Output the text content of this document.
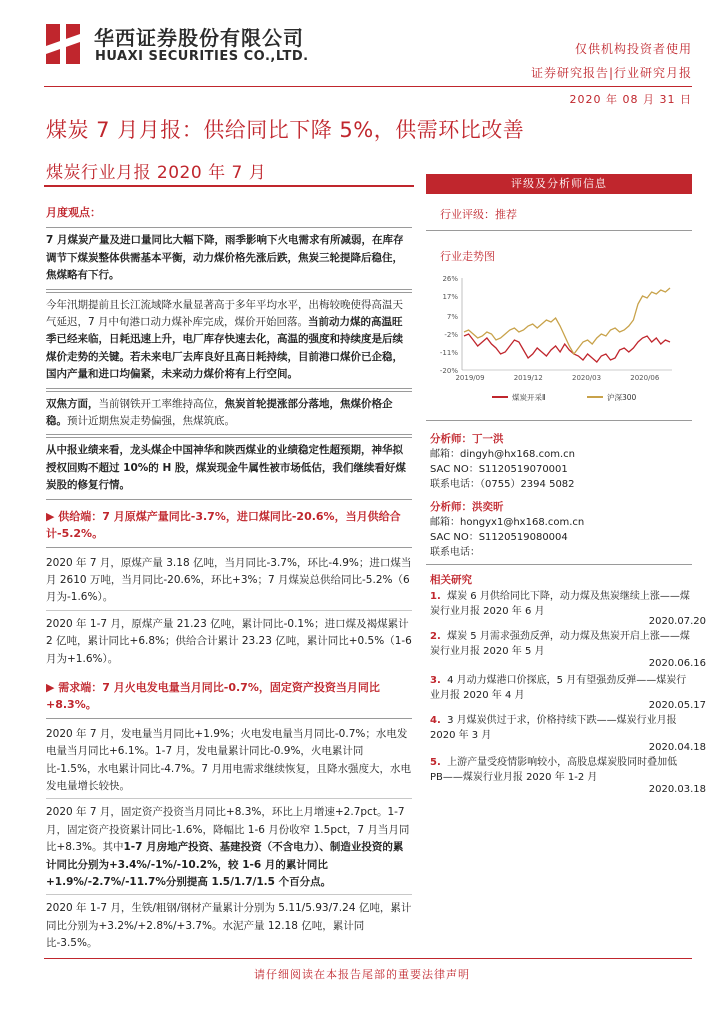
华西证券股份有限公司
HUAXI SECURITIES CO.,LTD.	仅供机构投资者使用
证券研究报告|行业研究月报
2020 年 08 月 31 日
煤炭 7 月月报：供给同比下降 5%，供需环比改善
煤炭行业月报 2020 年 7 月
月度观点：
7 月煤炭产量及进口量同比大幅下降，雨季影响下火电需求有所减弱，在库存调节下煤炭整体供需基本平衡，动力煤价格先涨后跌，焦炭三轮提降后稳住，焦煤略有下行。
今年汛期提前且长江流域降水量显著高于多年平均水平，出梅较晚使得高温天气延迟，7 月中旬港口动力煤补库完成，煤价开始回落。当前动力煤的高温旺季已经来临，日耗迅速上升，电厂库存快速去化，高温的强度和持续度是后续煤价走势的关键。若未来电厂去库良好且高日耗持续，目前港口煤价已企稳，国内产量和进口均偏紧，未来动力煤价将有上行空间。
双焦方面，当前钢铁开工率维持高位，焦炭首轮提涨部分落地，焦煤价格企稳。预计近期焦炭走势偏强，焦煤筑底。
从中报业绩来看，龙头煤企中国神华和陕西煤业的业绩稳定性超预期，神华拟授权回购不超过 10%的 H 股，煤炭现金牛属性被市场低估，我们继续看好煤炭股的修复行情。
▶ 供给端：7 月原煤产量同比-3.7%，进口煤同比-20.6%，当月供给合计-5.2%。
2020 年 7 月，原煤产量 3.18 亿吨，当月同比-3.7%，环比-4.9%；进口煤当月 2610 万吨，当月同比-20.6%，环比+3%；7 月煤炭总供给同比-5.2%（6 月为-1.6%）。
2020 年 1-7 月，原煤产量 21.23 亿吨，累计同比-0.1%；进口煤及褐煤累计 2 亿吨，累计同比+6.8%；供给合计累计 23.23 亿吨，累计同比+0.5%（1-6 月为+1.6%）。
▶ 需求端：7 月火电发电量当月同比-0.7%，固定资产投资当月同比+8.3%。
2020 年 7 月，发电量当月同比+1.9%；火电发电量当月同比-0.7%；水电发电量当月同比+6.1%。1-7 月，发电量累计同比-0.9%，火电累计同比-1.5%，水电累计同比-4.7%。7 月用电需求继续恢复，且降水强度大，水电发电量增长较快。
2020 年 7 月，固定资产投资当月同比+8.3%，环比上月增速+2.7pct。1-7 月，固定资产投资累计同比-1.6%，降幅比 1-6 月份收窄 1.5pct，7 月当月同比+8.3%。其中1-7 月房地产投资、基建投资（不含电力）、制造业投资的累计同比分别为+3.4%/-1%/-10.2%，较 1-6 月的累计同比+1.9%/-2.7%/-11.7%分别提高 1.5/1.7/1.5 个百分点。
2020 年 1-7 月，生铁/粗钢/钢材产量累计分别为 5.11/5.93/7.24 亿吨，累计同比分别为+3.2%/+2.8%/+3.7%。水泥产量 12.18 亿吨，累计同比-3.5%。
评级及分析师信息
行业评级：推荐
行业走势图
26%
17%
7%
-2%
-11%
-20%
2019/09	2019/12	2020/03	2020/06
煤炭开采Ⅱ	沪深300
分析师：丁一洪
邮箱：dingyh@hx168.com.cn
SAC NO：S1120519070001
联系电话：（0755）2394 5082
分析师：洪奕昕
邮箱：hongyx1@hx168.com.cn
SAC NO：S1120519080004
联系电话：
相关研究
1. 煤炭 6 月供给同比下降，动力煤及焦炭继续上涨——煤炭行业月报 2020 年 6 月
2020.07.20
2. 煤炭 5 月需求强劲反弹，动力煤及焦炭开启上涨——煤炭行业月报 2020 年 5 月
2020.06.16
3. 4 月动力煤港口价探底，5 月有望强劲反弹——煤炭行业月报 2020 年 4 月
2020.05.17
4. 3 月煤炭供过于求，价格持续下跌——煤炭行业月报 2020 年 3 月
2020.04.18
5. 上游产量受疫情影响较小，高股息煤炭股同时叠加低 PB——煤炭行业月报 2020 年 1-2 月
2020.03.18
请仔细阅读在本报告尾部的重要法律声明
